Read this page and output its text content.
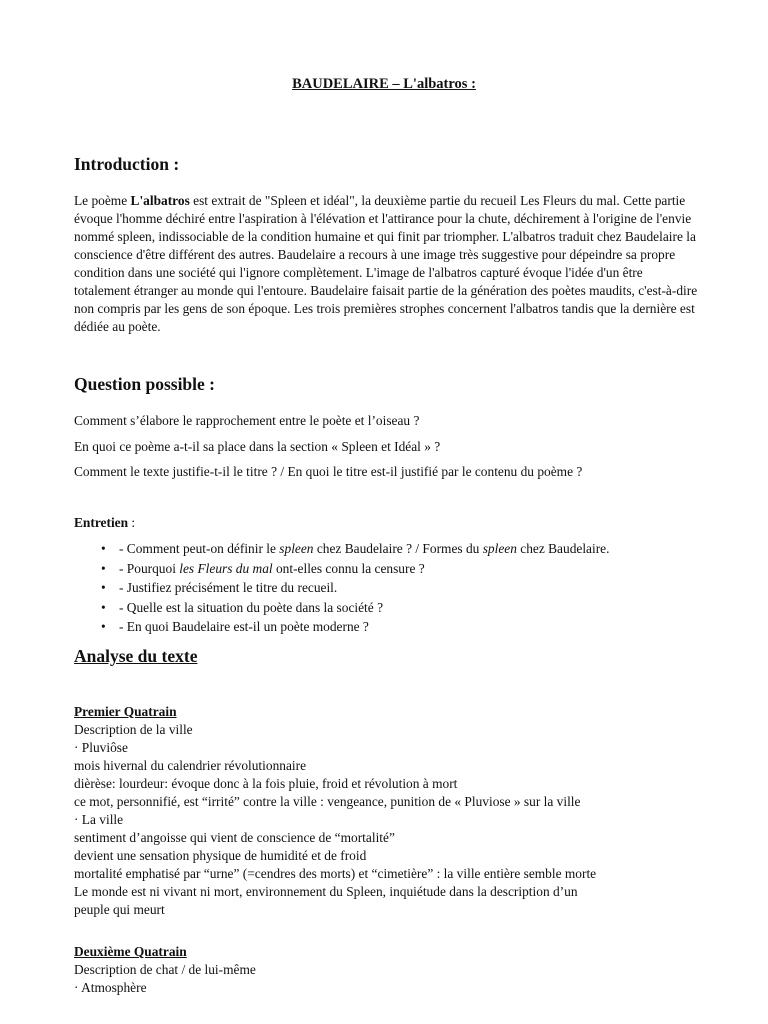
BAUDELAIRE – L'albatros :
Introduction :

Le poème L'albatros est extrait de "Spleen et idéal", la deuxième partie du recueil Les Fleurs du mal. Cette partie évoque l'homme déchiré entre l'aspiration à l'élévation et l'attirance pour la chute, déchirement à l'origine de l'envie nommé spleen, indissociable de la condition humaine et qui finit par triompher. L'albatros traduit chez Baudelaire la conscience d'être différent des autres. Baudelaire a recours à une image très suggestive pour dépeindre sa propre condition dans une société qui l'ignore complètement. L'image de l'albatros capturé évoque l'idée d'un être totalement étranger au monde qui l'entoure. Baudelaire faisait partie de la génération des poètes maudits, c'est-à-dire non compris par les gens de son époque. Les trois premières strophes concernent l'albatros tandis que la dernière est dédiée au poète.

Question possible :

Comment s’élabore le rapprochement entre le poète et l’oiseau ?

En quoi ce poème a-t-il sa place dans la section « Spleen et Idéal » ?

Comment le texte justifie-t-il le titre ? / En quoi le titre est-il justifié par le contenu du poème ?

Entretien :

• - Comment peut-on définir le spleen chez Baudelaire ? / Formes du spleen chez Baudelaire.
• - Pourquoi les Fleurs du mal ont-elles connu la censure ?
• - Justifiez précisément le titre du recueil.
• - Quelle est la situation du poète dans la société ?
• - En quoi Baudelaire est-il un poète moderne ?
Analyse du texte

Premier Quatrain

Description de la ville
· Pluviôse
mois hivernal du calendrier révolutionnaire
dièrèse: lourdeur: évoque donc à la fois pluie, froid et révolution à mort
ce mot, personnifié, est “irrité” contre la ville : vengeance, punition de « Pluviose » sur la ville
· La ville
sentiment d’angoisse qui vient de conscience de “mortalité”
devient une sensation physique de humidité et de froid
mortalité emphatisé par “urne” (=cendres des morts) et “cimetière” : la ville entière semble morte
Le monde est ni vivant ni mort, environnement du Spleen, inquiétude dans la description d’un
peuple qui meurt

Deuxième Quatrain

Description de chat / de lui-même
· Atmosphère
